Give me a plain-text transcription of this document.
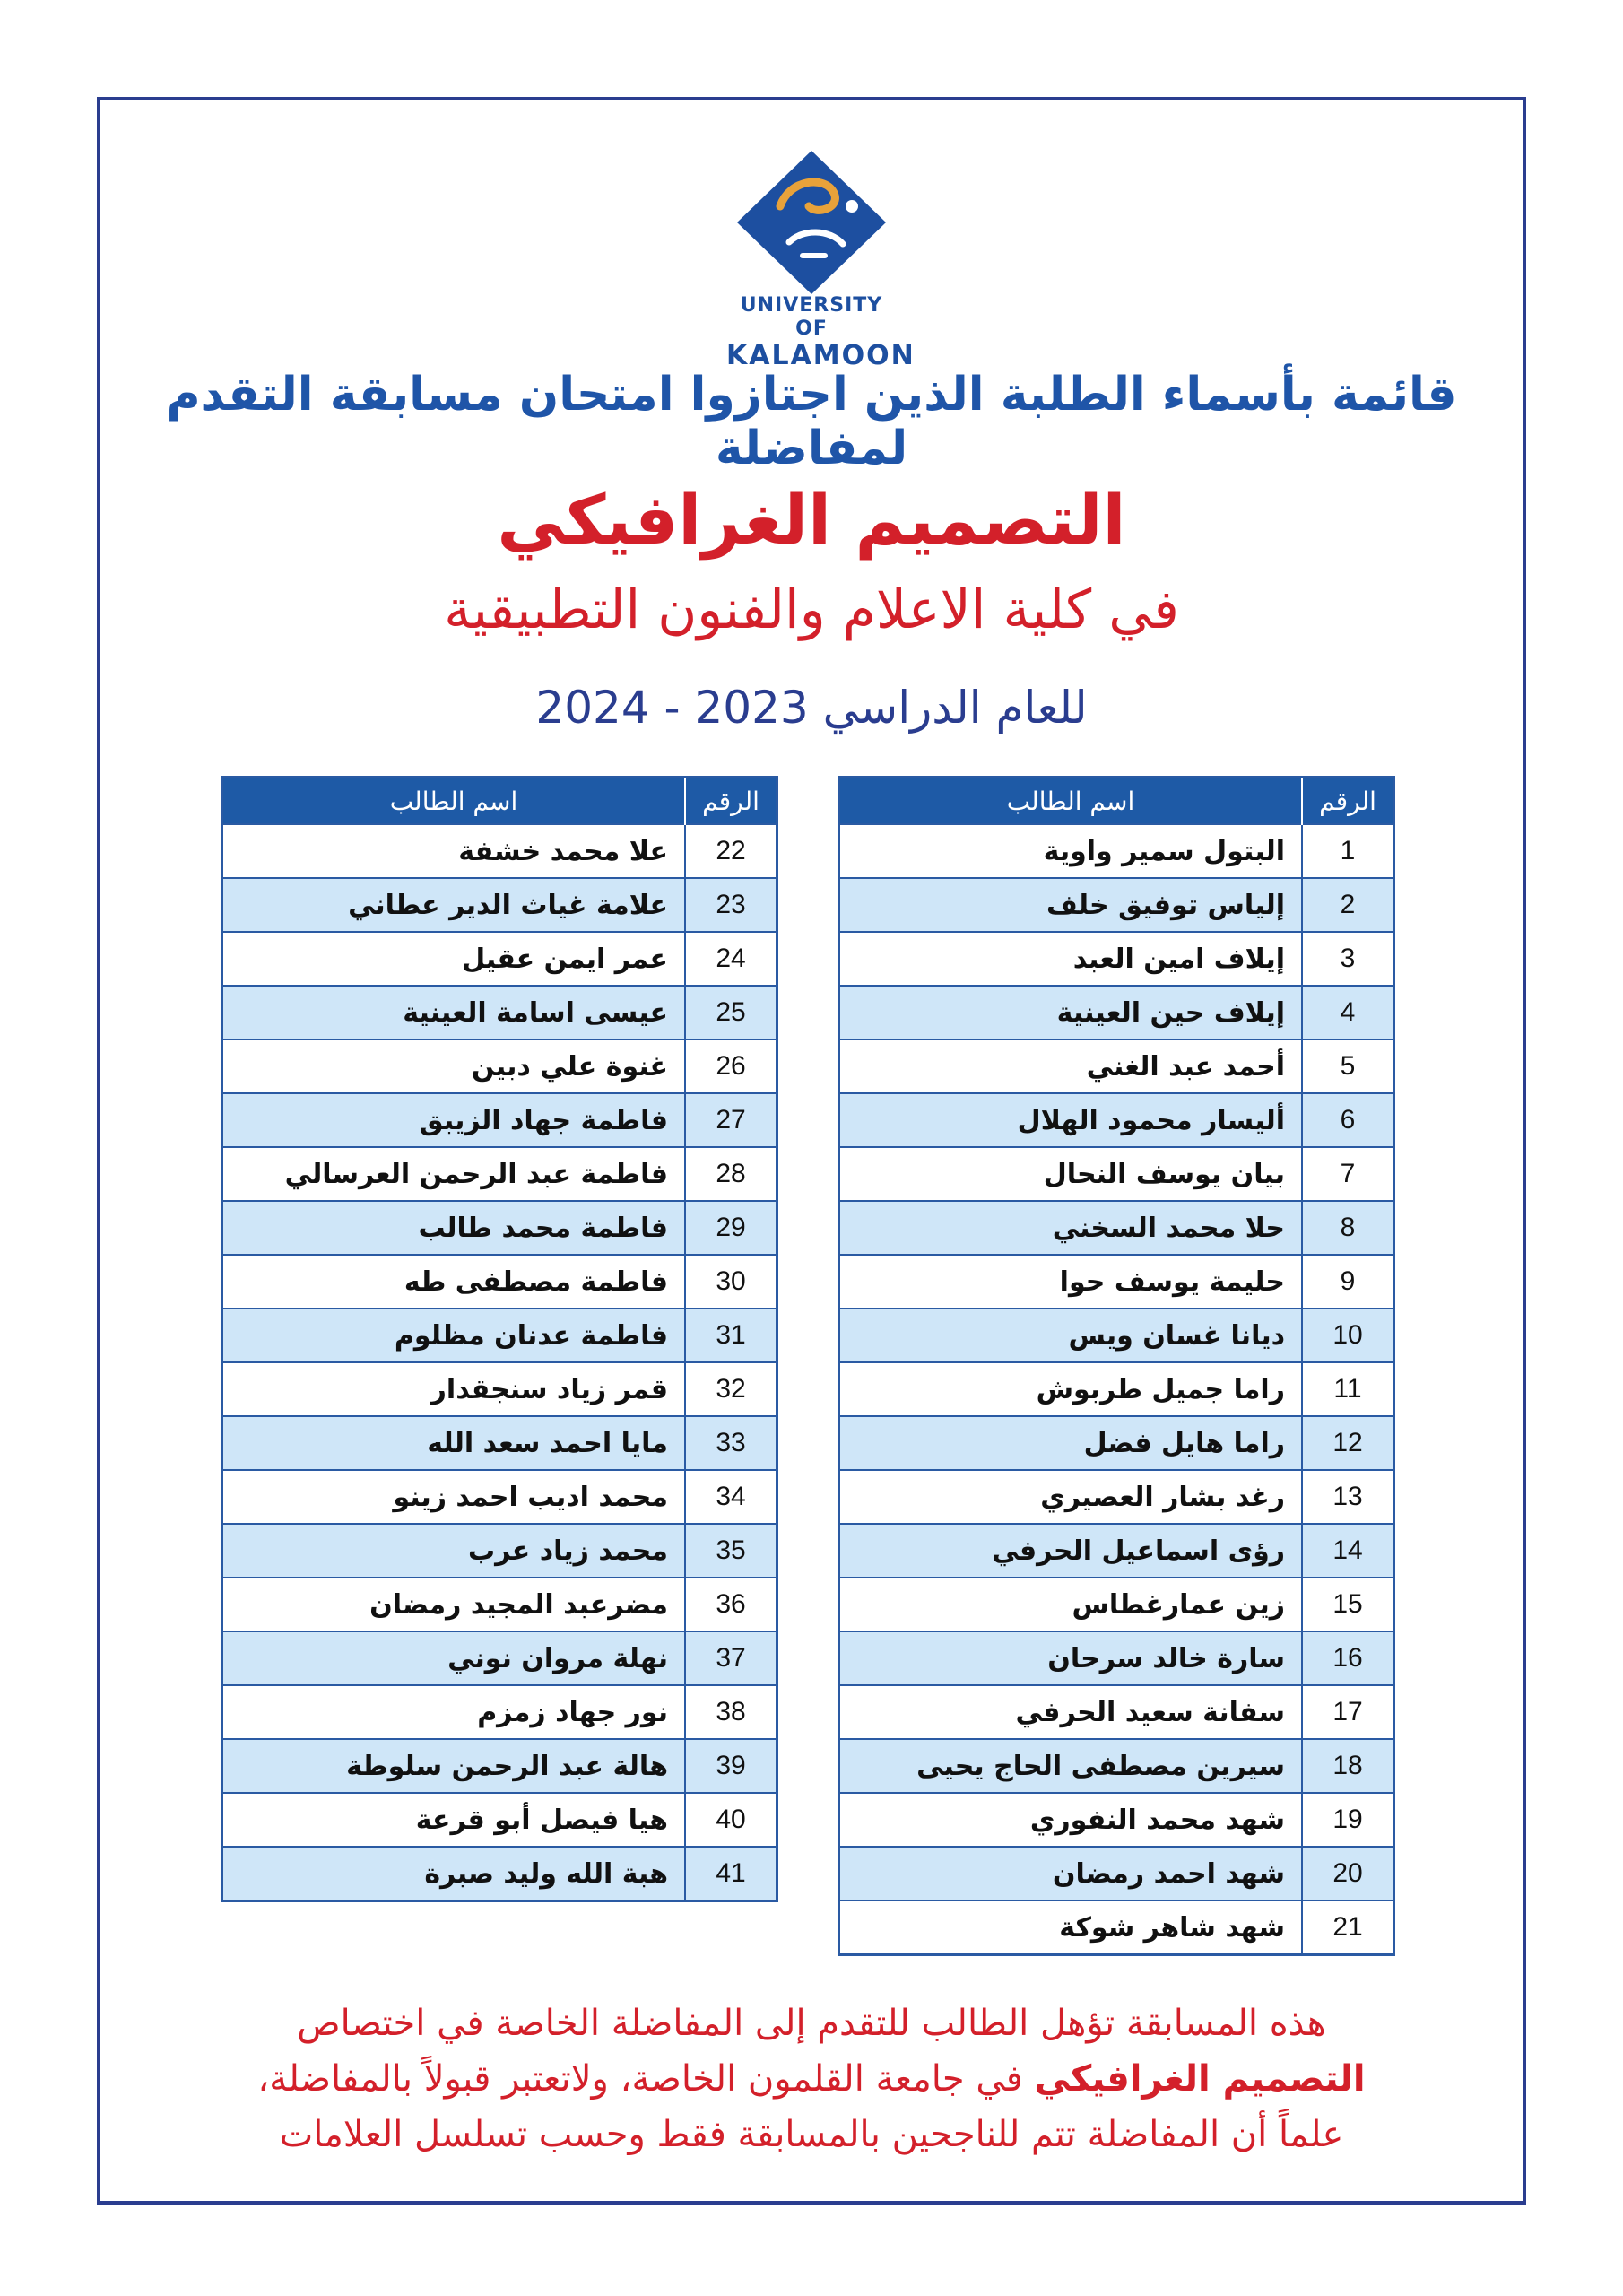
UNIVERSITY OF
KALAMOON
قائمة بأسماء الطلبة الذين اجتازوا امتحان مسابقة التقدم لمفاضلة
التصميم الغرافيكي
في كلية الاعلام والفنون التطبيقية
للعام الدراسي 2023 - 2024
الرقم	اسم الطالب
1	البتول سمير واوية
2	إلياس توفيق خلف
3	إيلاف امين العبد
4	إيلاف حين العينية
5	أحمد عبد الغني
6	أليسار محمود الهلال
7	بيان يوسف النحال
8	حلا محمد السخني
9	حليمة يوسف حوا
10	ديانا غسان ويس
11	راما جميل طربوش
12	راما هايل فضل
13	رغد بشار العصيري
14	رؤى اسماعيل الحرفي
15	زين عمارغطاس
16	سارة خالد سرحان
17	سفانة سعيد الحرفي
18	سيرين مصطفى الحاج يحيى
19	شهد محمد النفوري
20	شهد احمد رمضان
21	شهد شاهر شوكة
الرقم	اسم الطالب
22	علا محمد خشفة
23	علامة غياث الدير عطاني
24	عمر ايمن عقيل
25	عيسى اسامة العينية
26	غنوة علي دبين
27	فاطمة جهاد الزيبق
28	فاطمة عبد الرحمن العرسالي
29	فاطمة محمد طالب
30	فاطمة مصطفى طه
31	فاطمة عدنان مظلوم
32	قمر زياد سنجقدار
33	مايا احمد سعد الله
34	محمد اديب احمد زينو
35	محمد زياد عرب
36	مضرعبد المجيد رمضان
37	نهلة مروان نوني
38	نور جهاد زمزم
39	هالة عبد الرحمن سلوطة
40	هيا فيصل أبو قرعة
41	هبة الله وليد صبرة
هذه المسابقة تؤهل الطالب للتقدم إلى المفاضلة الخاصة في اختصاص
التصميم الغرافيكي في جامعة القلمون الخاصة، ولاتعتبر قبولاً بالمفاضلة،
علماً أن المفاضلة تتم للناجحين بالمسابقة فقط وحسب تسلسل العلامات
